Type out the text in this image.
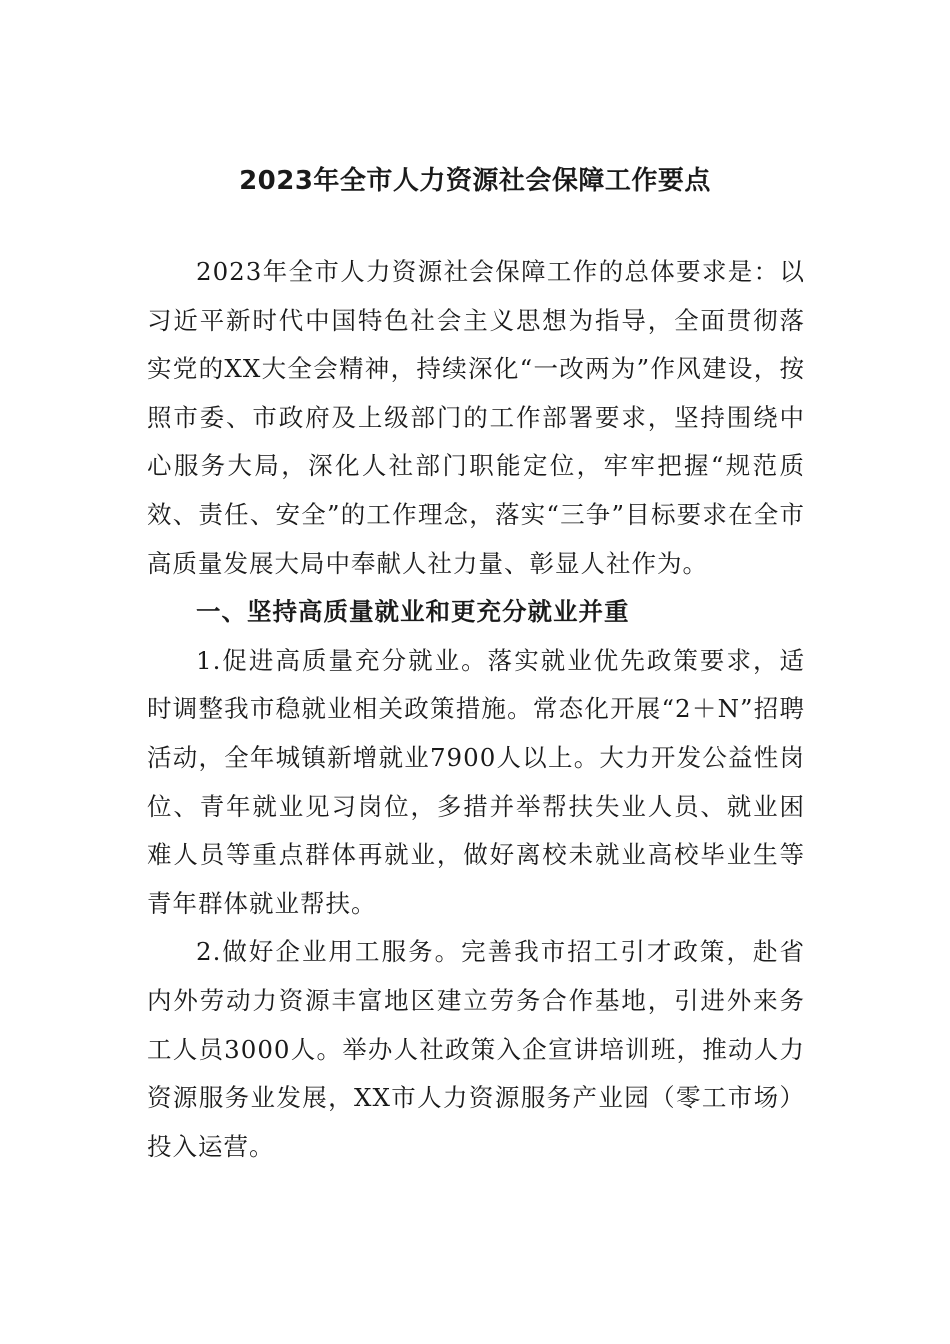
2023年全市人力资源社会保障工作要点

2023年全市人力资源社会保障工作的总体要求是：以习近平新时代中国特色社会主义思想为指导，全面贯彻落实党的XX大全会精神，持续深化“一改两为”作风建设，按照市委、市政府及上级部门的工作部署要求，坚持围绕中心服务大局，深化人社部门职能定位，牢牢把握“规范质效、责任、安全”的工作理念，落实“三争”目标要求在全市高质量发展大局中奉献人社力量、彰显人社作为。

一、坚持高质量就业和更充分就业并重

1.促进高质量充分就业。落实就业优先政策要求，适时调整我市稳就业相关政策措施。常态化开展“2＋N”招聘活动，全年城镇新增就业7900人以上。大力开发公益性岗位、青年就业见习岗位，多措并举帮扶失业人员、就业困难人员等重点群体再就业，做好离校未就业高校毕业生等青年群体就业帮扶。

2.做好企业用工服务。完善我市招工引才政策，赴省内外劳动力资源丰富地区建立劳务合作基地，引进外来务工人员3000人。举办人社政策入企宣讲培训班，推动人力资源服务业发展，XX市人力资源服务产业园（零工市场）投入运营。
